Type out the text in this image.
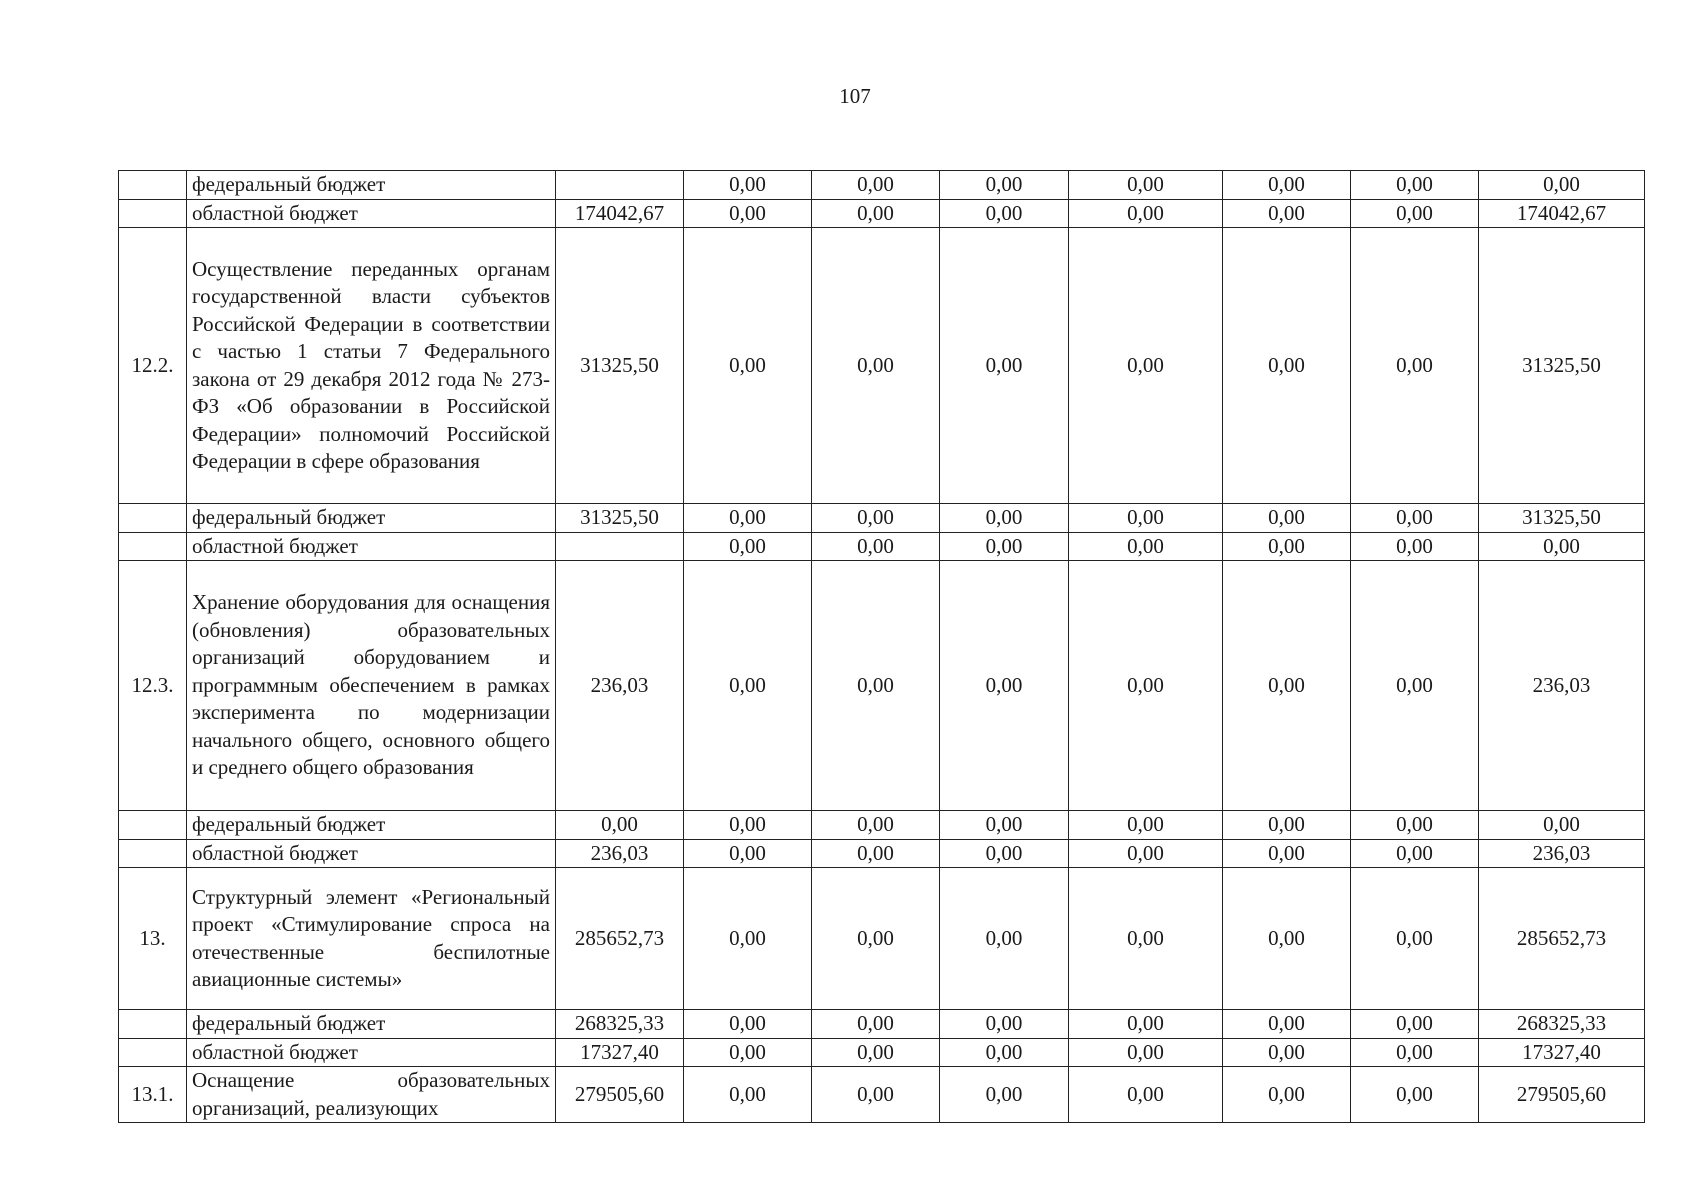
107
	федеральный бюджет		0,00	0,00	0,00	0,00	0,00	0,00	0,00
	областной бюджет	174042,67	0,00	0,00	0,00	0,00	0,00	0,00	174042,67
12.2.	Осуществление переданных органам государственной власти субъектов Российской Федерации в соответствии с частью 1 статьи 7 Федерального закона от 29 декабря 2012 года № 273-ФЗ «Об образовании в Российской Федерации» полномочий Российской Федерации в сфере образования	31325,50	0,00	0,00	0,00	0,00	0,00	0,00	31325,50
	федеральный бюджет	31325,50	0,00	0,00	0,00	0,00	0,00	0,00	31325,50
	областной бюджет		0,00	0,00	0,00	0,00	0,00	0,00	0,00
12.3.	Хранение оборудования для оснащения (обновления) образовательных организаций оборудованием и программным обеспечением в рамках эксперимента по модернизации начального общего, основного общего и среднего общего образования	236,03	0,00	0,00	0,00	0,00	0,00	0,00	236,03
	федеральный бюджет	0,00	0,00	0,00	0,00	0,00	0,00	0,00	0,00
	областной бюджет	236,03	0,00	0,00	0,00	0,00	0,00	0,00	236,03
13.	Структурный элемент «Региональный проект «Стимулирование спроса на отечественные беспилотные авиационные системы»	285652,73	0,00	0,00	0,00	0,00	0,00	0,00	285652,73
	федеральный бюджет	268325,33	0,00	0,00	0,00	0,00	0,00	0,00	268325,33
	областной бюджет	17327,40	0,00	0,00	0,00	0,00	0,00	0,00	17327,40
13.1.	Оснащение образовательных организаций, реализующих	279505,60	0,00	0,00	0,00	0,00	0,00	0,00	279505,60
